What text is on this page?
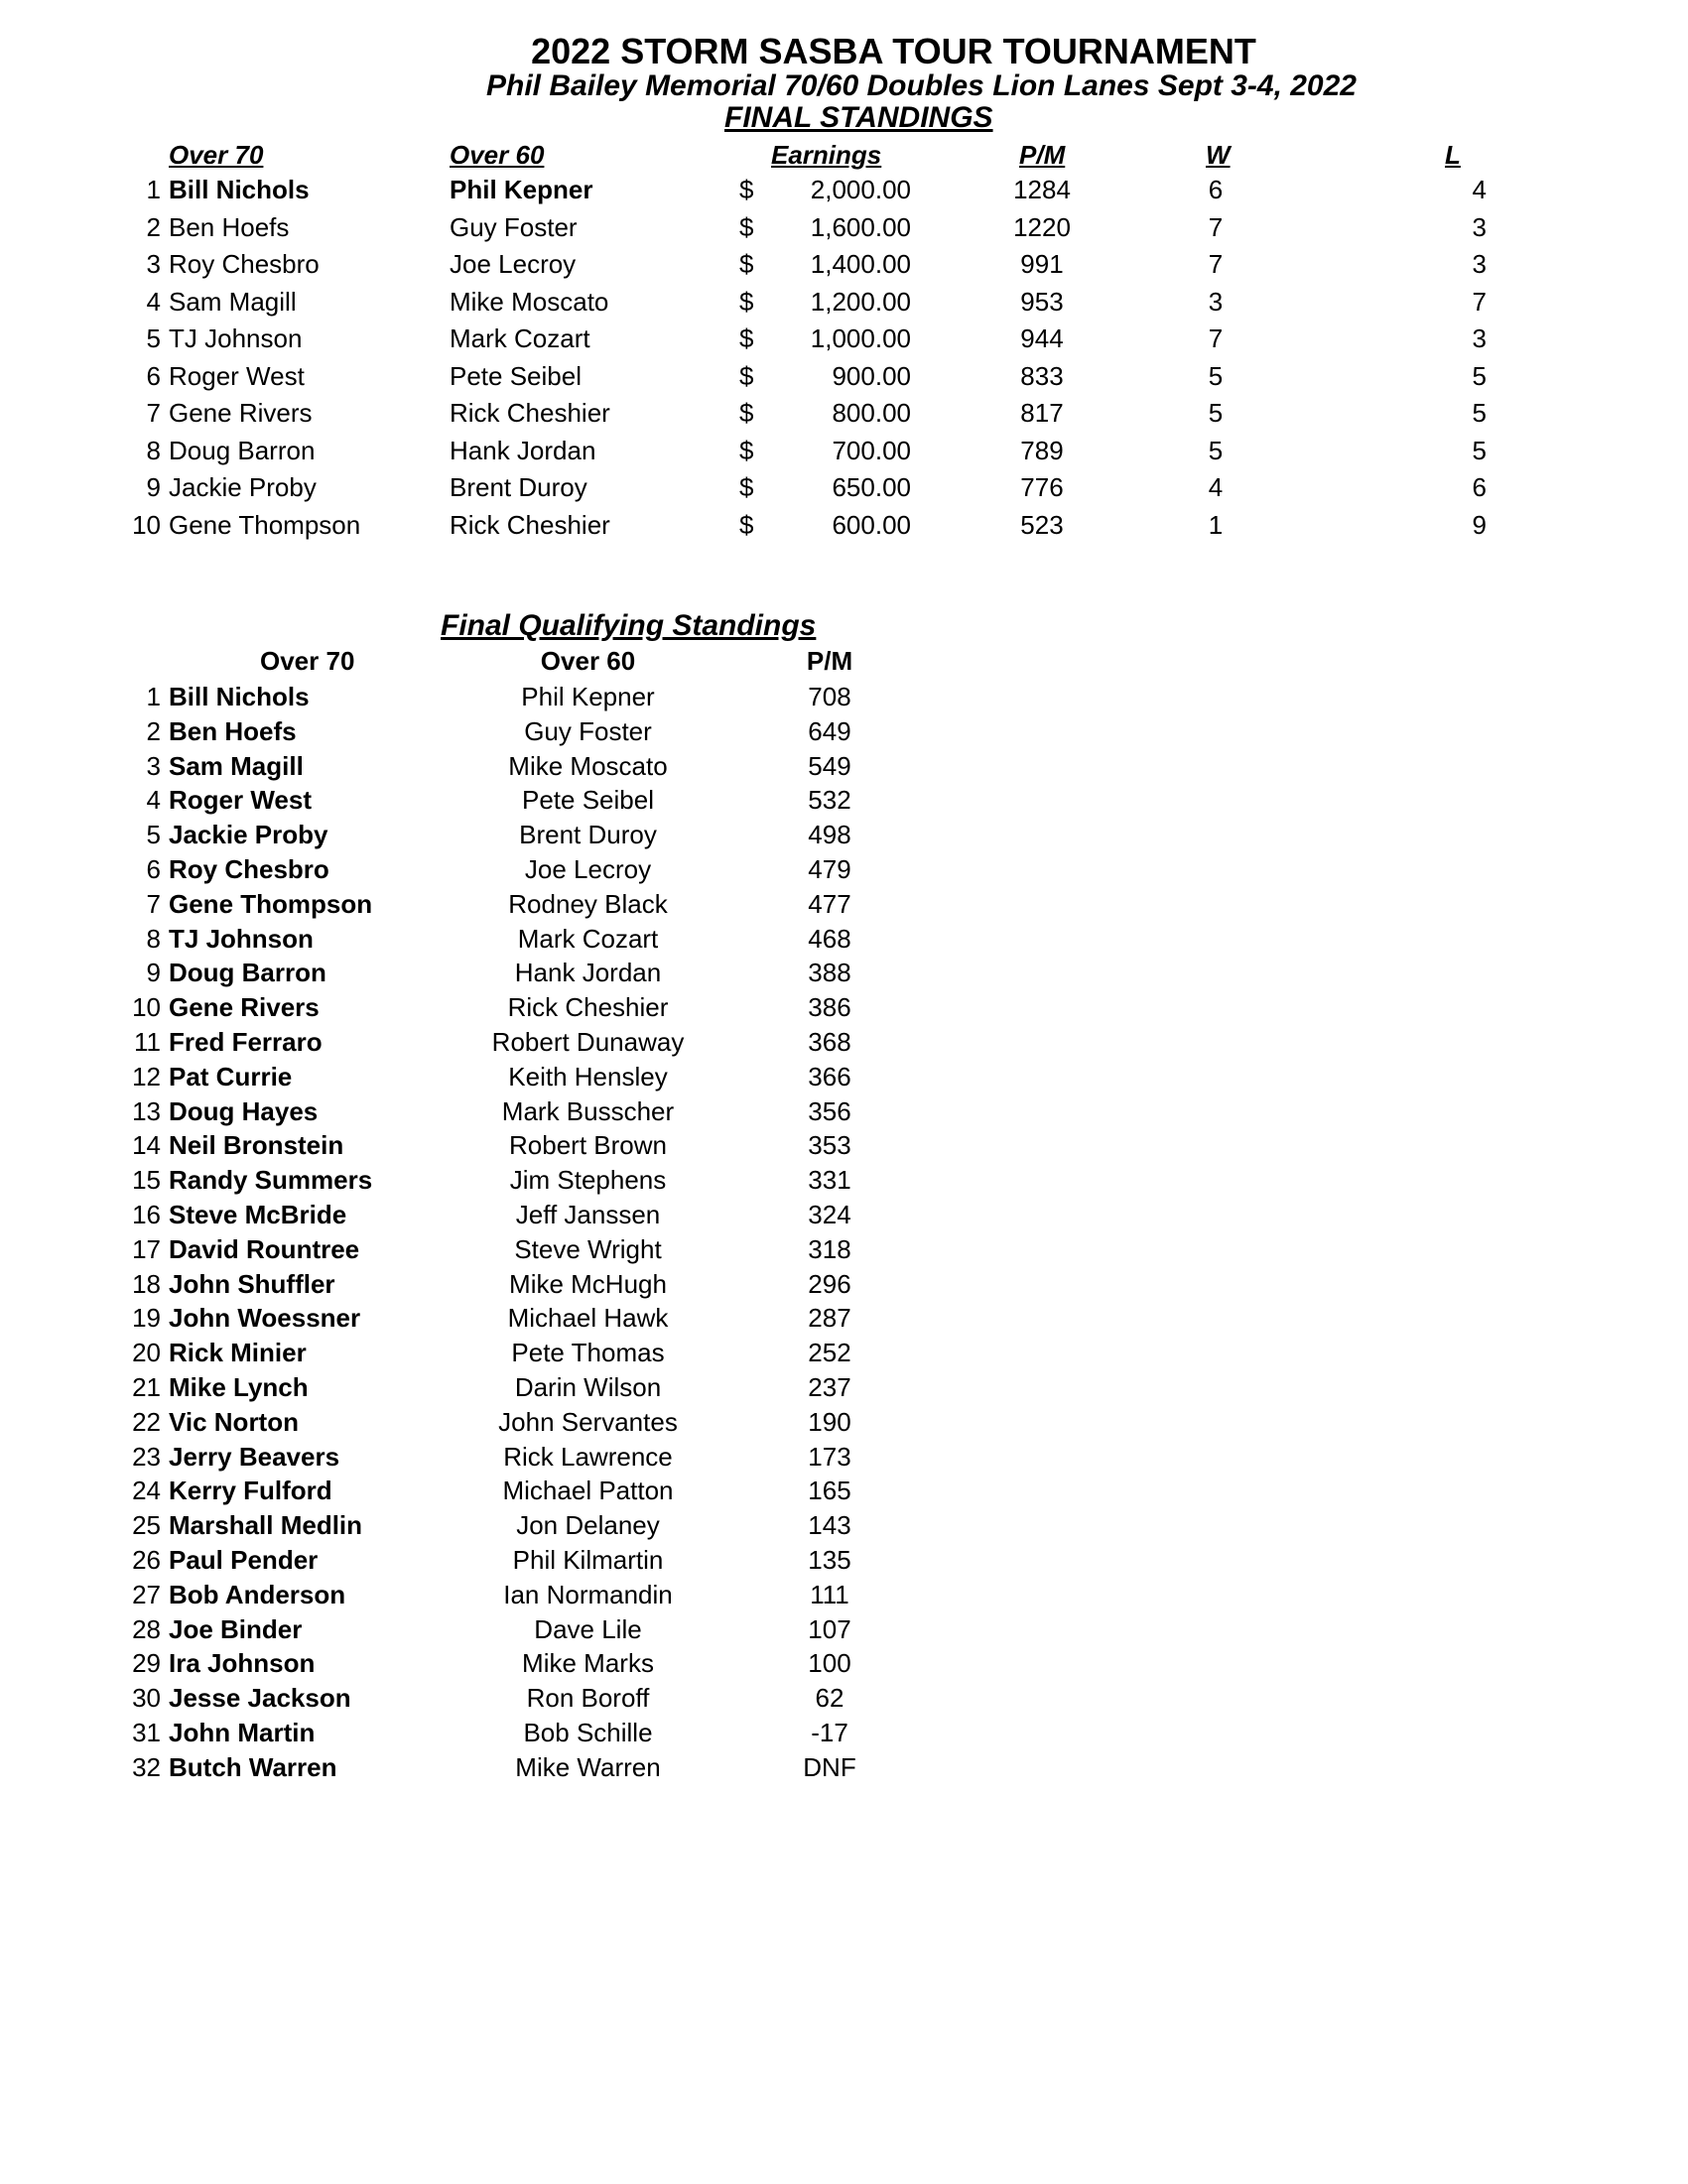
2022 STORM SASBA TOUR TOURNAMENT
Phil Bailey Memorial 70/60 Doubles Lion Lanes Sept 3-4, 2022
FINAL STANDINGS
Over 70	Over 60	Earnings	P/M	W	L
1 Bill Nichols	Phil Kepner	$	2,000.00	1284	6	4
2 Ben Hoefs	Guy Foster	$	1,600.00	1220	7	3
3 Roy Chesbro	Joe Lecroy	$	1,400.00	991	7	3
4 Sam Magill	Mike Moscato	$	1,200.00	953	3	7
5 TJ Johnson	Mark Cozart	$	1,000.00	944	7	3
6 Roger West	Pete Seibel	$	900.00	833	5	5
7 Gene Rivers	Rick Cheshier	$	800.00	817	5	5
8 Doug Barron	Hank Jordan	$	700.00	789	5	5
9 Jackie Proby	Brent Duroy	$	650.00	776	4	6
10 Gene Thompson	Rick Cheshier	$	600.00	523	1	9
Final Qualifying Standings
Over 70	Over 60	P/M
1 Bill Nichols	Phil Kepner	708
2 Ben Hoefs	Guy Foster	649
3 Sam Magill	Mike Moscato	549
4 Roger West	Pete Seibel	532
5 Jackie Proby	Brent Duroy	498
6 Roy Chesbro	Joe Lecroy	479
7 Gene Thompson	Rodney Black	477
8 TJ Johnson	Mark Cozart	468
9 Doug Barron	Hank Jordan	388
10 Gene Rivers	Rick Cheshier	386
11 Fred Ferraro	Robert Dunaway	368
12 Pat Currie	Keith Hensley	366
13 Doug Hayes	Mark Busscher	356
14 Neil Bronstein	Robert Brown	353
15 Randy Summers	Jim Stephens	331
16 Steve McBride	Jeff Janssen	324
17 David Rountree	Steve Wright	318
18 John Shuffler	Mike McHugh	296
19 John Woessner	Michael Hawk	287
20 Rick Minier	Pete Thomas	252
21 Mike Lynch	Darin Wilson	237
22 Vic Norton	John Servantes	190
23 Jerry Beavers	Rick Lawrence	173
24 Kerry Fulford	Michael Patton	165
25 Marshall Medlin	Jon Delaney	143
26 Paul Pender	Phil Kilmartin	135
27 Bob Anderson	Ian Normandin	111
28 Joe Binder	Dave Lile	107
29 Ira Johnson	Mike Marks	100
30 Jesse Jackson	Ron Boroff	62
31 John Martin	Bob Schille	-17
32 Butch Warren	Mike Warren	DNF
